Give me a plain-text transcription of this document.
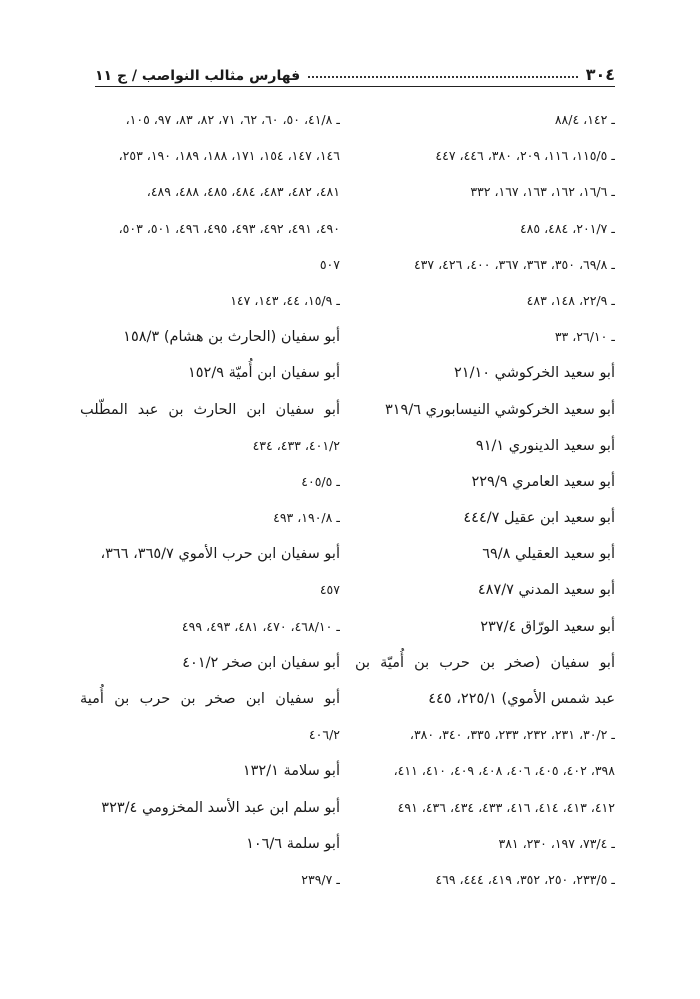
٣٠٤
فهارس مثالب النواصب / ج ١١
ـ ١٤٢، ٨٨/٤
ـ ١١٥/٥، ١١٦، ٢٠٩، ٣٨٠، ٤٤٦، ٤٤٧
ـ ١٦/٦، ١٦٢، ١٦٣، ١٦٧، ٣٣٢
ـ ٢٠١/٧، ٤٨٤، ٤٨٥
ـ ٦٩/٨، ٣٥٠، ٣٦٣، ٣٦٧، ٤٠٠، ٤٢٦، ٤٣٧
ـ ٢٢/٩، ١٤٨، ٤٨٣
ـ ٢٦/١٠، ٣٣
أبو سعيد الخركوشي ٢١/١٠
أبو سعيد الخركوشي النيسابوري ٣١٩/٦
أبو سعيد الدينوري ٩١/١
أبو سعيد العامري ٢٢٩/٩
أبو سعيد ابن عقيل ٤٤٤/٧
أبو سعيد العقيلي ٦٩/٨
أبو سعيد المدني ٤٨٧/٧
أبو سعيد الورّاق ٢٣٧/٤
أبو سفيان (صخر بن حرب بن أُميّة بن
عبد شمس الأموي) ٢٢٥/١، ٤٤٥
ـ ٣٠/٢، ٢٣١، ٢٣٢، ٢٣٣، ٣٣٥، ٣٤٠، ٣٨٠،
٣٩٨، ٤٠٢، ٤٠٥، ٤٠٦، ٤٠٨، ٤٠٩، ٤١٠، ٤١١،
٤١٢، ٤١٣، ٤١٤، ٤١٦، ٤٣٣، ٤٣٤، ٤٣٦، ٤٩١
ـ ٧٣/٤، ١٩٧، ٢٣٠، ٣٨١
ـ ٢٣٣/٥، ٢٥٠، ٣٥٢، ٤١٩، ٤٤٤، ٤٦٩
ـ ٤١/٨، ٥٠، ٦٠، ٦٢، ٧١، ٨٢، ٨٣، ٩٧، ١٠٥،
١٤٦، ١٤٧، ١٥٤، ١٧١، ١٨٨، ١٨٩، ١٩٠، ٢٥٣،
٤٨١، ٤٨٢، ٤٨٣، ٤٨٤، ٤٨٥، ٤٨٨، ٤٨٩،
٤٩٠، ٤٩١، ٤٩٢، ٤٩٣، ٤٩٥، ٤٩٦، ٥٠١، ٥٠٣،
٥٠٧
ـ ١٥/٩، ٤٤، ١٤٣، ١٤٧
أبو سفيان (الحارث بن هشام) ١٥٨/٣
أبو سفيان ابن أُميّة ١٥٢/٩
أبو سفيان ابن الحارث بن عبد المطّلب
٤٠١/٢، ٤٣٣، ٤٣٤
ـ ٤٠٥/٥
ـ ١٩٠/٨، ٤٩٣
أبو سفيان ابن حرب الأموي ٣٦٥/٧، ٣٦٦،
٤٥٧
ـ ٤٦٨/١٠، ٤٧٠، ٤٨١، ٤٩٣، ٤٩٩
أبو سفيان ابن صخر ٤٠١/٢
أبو سفيان ابن صخر بن حرب بن أُمية
٤٠٦/٢
أبو سلامة ١٣٢/١
أبو سلم ابن عبد الأسد المخزومي ٣٢٣/٤
أبو سلمة ١٠٦/٦
ـ ٢٣٩/٧
